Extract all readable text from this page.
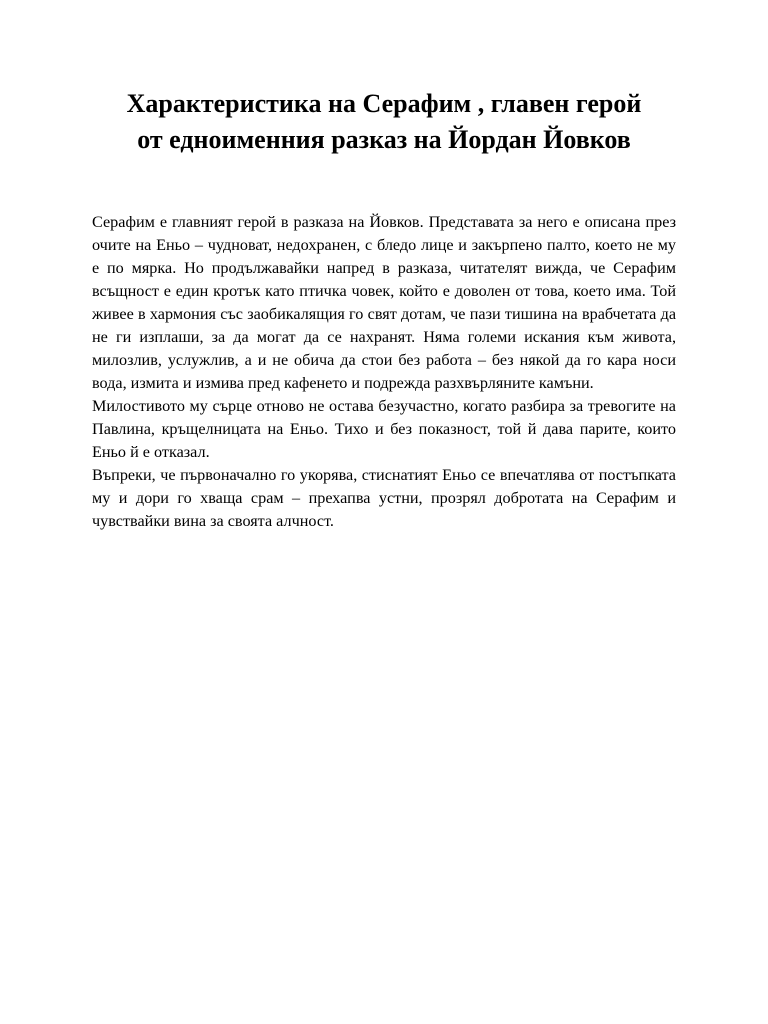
Характеристика на Серафим , главен герой
от едноименния разказ на Йордан Йовков

Серафим е главният герой в разказа на Йовков. Представата за него е описана през очите на Еньо – чудноват, недохранен, с бледо лице и закърпено палто, което не му е по мярка. Но продължавайки напред в разказа, читателят вижда, че Серафим всъщност е един кротък като птичка човек, който е доволен от това, което има. Той живее в хармония със заобикалящия го свят дотам, че пази тишина на врабчетата да не ги изплаши, за да могат да се нахранят. Няма големи искания към живота, милозлив, услужлив, а и не обича да стои без работа – без някой да го кара носи вода, измита и измива пред кафенето и подрежда разхвърляните камъни.

Милостивото му сърце отново не остава безучастно, когато разбира за тревогите на Павлина, кръщелницата на Еньо. Тихо и без показност, той й дава парите, които Еньо й е отказал.

Въпреки, че първоначално го укорява, стиснатият Еньо се впечатлява от постъпката му и дори го хваща срам – прехапва устни, прозрял добротата на Серафим и чувствайки вина за своята алчност.
